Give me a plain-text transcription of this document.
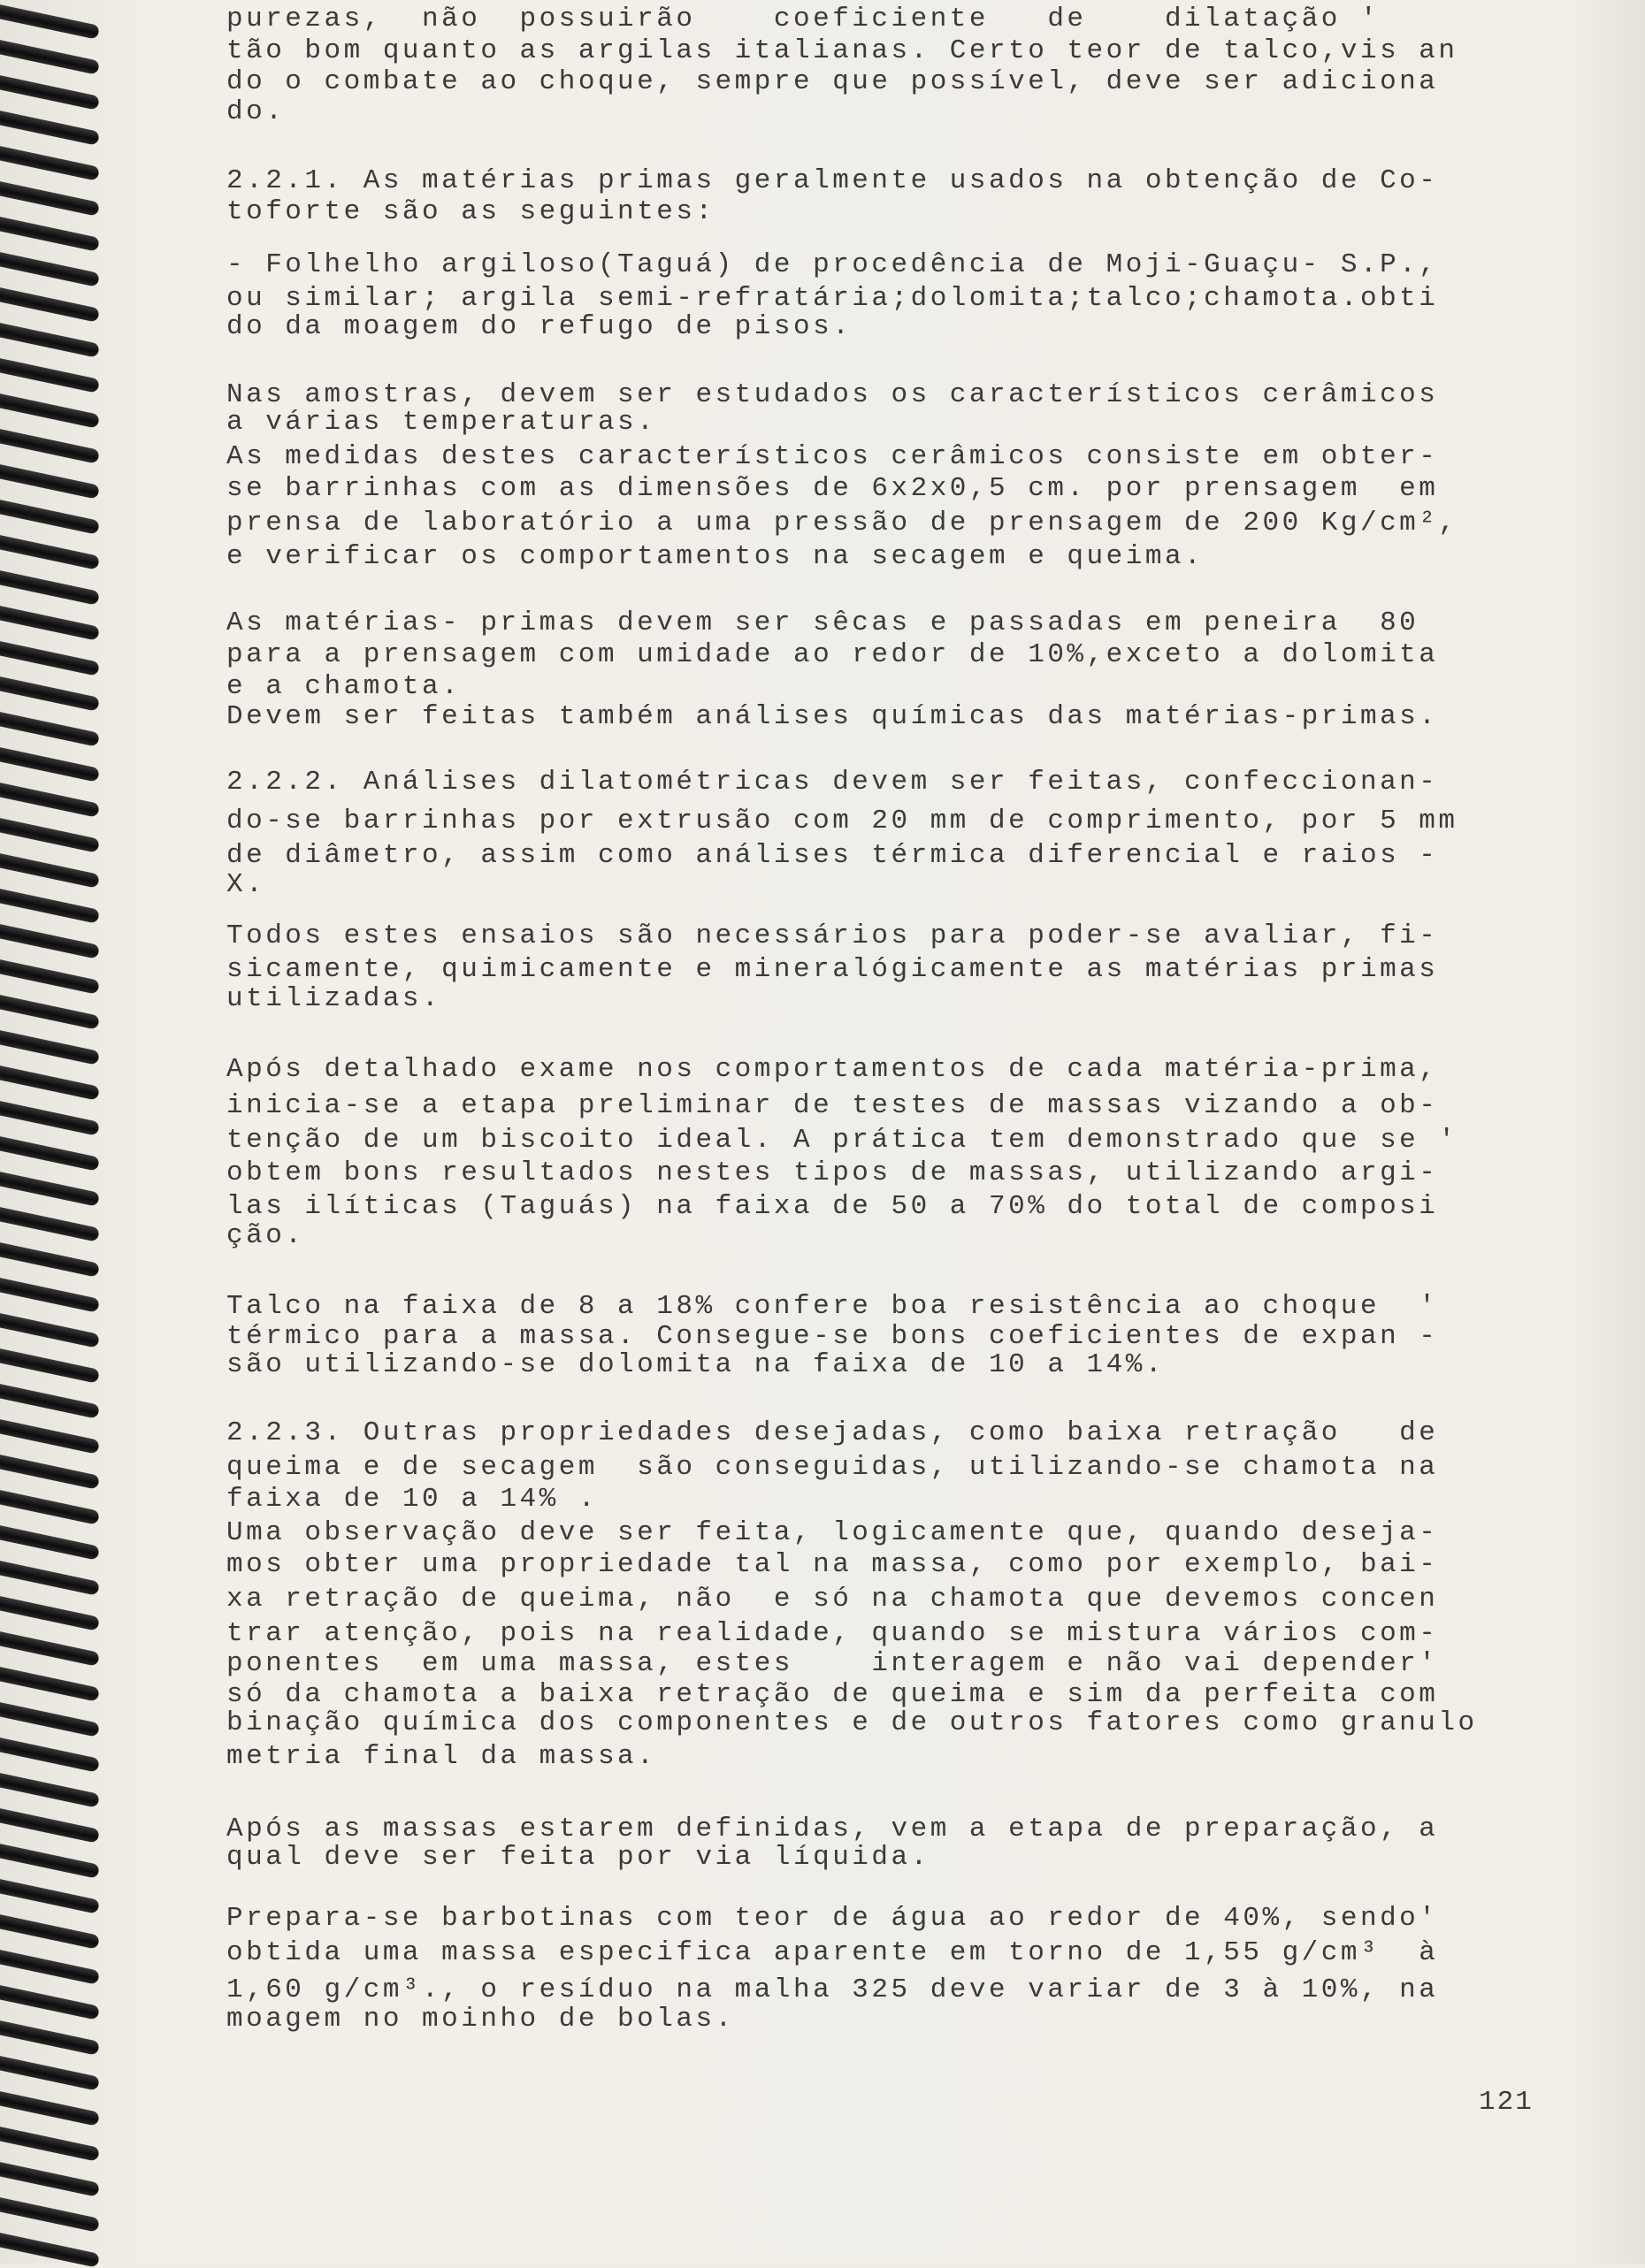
purezas,  não  possuirão    coeficiente   de    dilatação '
tão bom quanto as argilas italianas. Certo teor de talco,vis an
do o combate ao choque, sempre que possível, deve ser adiciona
do.
2.2.1. As matérias primas geralmente usados na obtenção de Co-
toforte são as seguintes:
- Folhelho argiloso(Taguá) de procedência de Moji-Guaçu- S.P.,
ou similar; argila semi-refratária;dolomita;talco;chamota.obti
do da moagem do refugo de pisos.
Nas amostras, devem ser estudados os característicos cerâmicos
a várias temperaturas.
As medidas destes característicos cerâmicos consiste em obter-
se barrinhas com as dimensões de 6x2x0,5 cm. por prensagem  em
prensa de laboratório a uma pressão de prensagem de 200 Kg/cm²,
e verificar os comportamentos na secagem e queima.
As matérias- primas devem ser sêcas e passadas em peneira  80
para a prensagem com umidade ao redor de 10%,exceto a dolomita
e a chamota.
Devem ser feitas também análises químicas das matérias-primas.
2.2.2. Análises dilatométricas devem ser feitas, confeccionan-
do-se barrinhas por extrusão com 20 mm de comprimento, por 5 mm
de diâmetro, assim como análises térmica diferencial e raios -
X.
Todos estes ensaios são necessários para poder-se avaliar, fi-
sicamente, quimicamente e mineralógicamente as matérias primas
utilizadas.
Após detalhado exame nos comportamentos de cada matéria-prima,
inicia-se a etapa preliminar de testes de massas vizando a ob-
tenção de um biscoito ideal. A prática tem demonstrado que se '
obtem bons resultados nestes tipos de massas, utilizando argi-
las ilíticas (Taguás) na faixa de 50 a 70% do total de composi
ção.
Talco na faixa de 8 a 18% confere boa resistência ao choque  '
térmico para a massa. Consegue-se bons coeficientes de expan -
são utilizando-se dolomita na faixa de 10 a 14%.
2.2.3. Outras propriedades desejadas, como baixa retração   de
queima e de secagem  são conseguidas, utilizando-se chamota na
faixa de 10 a 14% .
Uma observação deve ser feita, logicamente que, quando deseja-
mos obter uma propriedade tal na massa, como por exemplo, bai-
xa retração de queima, não  e só na chamota que devemos concen
trar atenção, pois na realidade, quando se mistura vários com-
ponentes  em uma massa, estes    interagem e não vai depender'
só da chamota a baixa retração de queima e sim da perfeita com
binação química dos componentes e de outros fatores como granulo
metria final da massa.
Após as massas estarem definidas, vem a etapa de preparação, a
qual deve ser feita por via líquida.
Prepara-se barbotinas com teor de água ao redor de 40%, sendo'
obtida uma massa especifica aparente em torno de 1,55 g/cm³  à
1,60 g/cm³., o resíduo na malha 325 deve variar de 3 à 10%, na
moagem no moinho de bolas.
121
